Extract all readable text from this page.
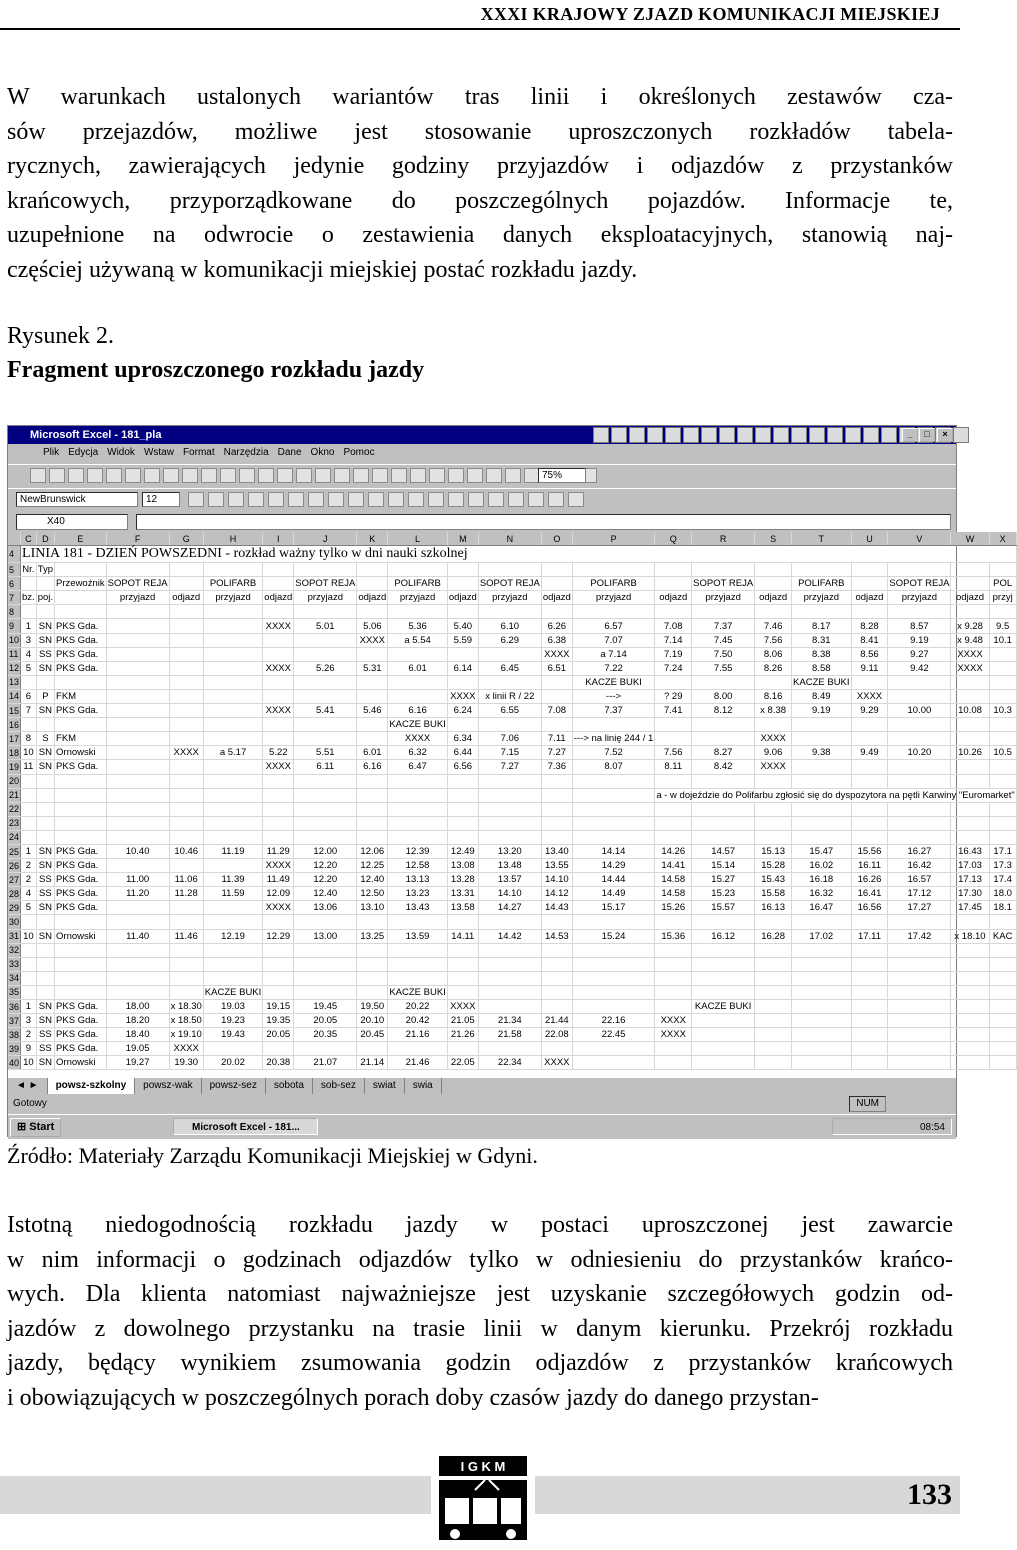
XXXI KRAJOWY ZJAZD KOMUNIKACJI MIEJSKIEJ
W warunkach ustalonych wariantów tras linii i określonych zestawów cza-
sów przejazdów, możliwe jest stosowanie uproszczonych rozkładów tabela-
rycznych, zawierających jedynie godziny przyjazdów i odjazdów z przystanków
krańcowych, przyporządkowane do poszczególnych pojazdów. Informacje te,
uzupełnione na odwrocie o zestawienia danych eksploatacyjnych, stanowią naj-
częściej używaną w komunikacji miejskiej postać rozkładu jazdy.
Rysunek 2.
Fragment uproszczonego rozkładu jazdy
Microsoft Excel - 181_pla	_	□	×
Plik Edycja Widok Wstaw Format Narzędzia Dane Okno Pomoc
75%
NewBrunswick	12
X40
	C	D	E	F	G	H	I	J	K	L	M	N	O	P	Q	R	S	T	U	V	W	X
4	LINIA 181 - DZIEŃ POWSZEDNI - rozkład ważny tylko w dni nauki szkolnej																					
5	Nr.	Typ																				
6			Przewoźnik	SOPOT REJA		POLIFARB		SOPOT REJA		POLIFARB		SOPOT REJA		POLIFARB		SOPOT REJA		POLIFARB		SOPOT REJA		POL
7	bz.	poj.		przyjazd	odjazd	przyjazd	odjazd	przyjazd	odjazd	przyjazd	odjazd	przyjazd	odjazd	przyjazd	odjazd	przyjazd	odjazd	przyjazd	odjazd	przyjazd	odjazd	przyj
8																						
9	1	SN	PKS Gda.				XXXX	5.01	5.06	5.36	5.40	6.10	6.26	6.57	7.08	7.37	7.46	8.17	8.28	8.57	x 9.28	9.5
10	3	SN	PKS Gda.						XXXX	a 5.54	5.59	6.29	6.38	7.07	7.14	7.45	7.56	8.31	8.41	9.19	x 9.48	10.1
11	4	SS	PKS Gda.										XXXX	a 7.14	7.19	7.50	8.06	8.38	8.56	9.27	XXXX	
12	5	SN	PKS Gda.				XXXX	5.26	5.31	6.01	6.14	6.45	6.51	7.22	7.24	7.55	8.26	8.58	9.11	9.42	XXXX	
13														KACZE BUKI				KACZE BUKI				
14	6	P	FKM								XXXX	x linii R / 22		--->	? 29	8.00	8.16	8.49	XXXX			
15	7	SN	PKS Gda.				XXXX	5.41	5.46	6.16	6.24	6.55	7.08	7.37	7.41	8.12	x 8.38	9.19	9.29	10.00	10.08	10.3
16										KACZE BUKI												
17	8	S	FKM							XXXX	6.34	7.06	7.11	---> na linię 244 / 1			XXXX					
18	10	SN	Ornowski		XXXX	a 5.17	5.22	5.51	6.01	6.32	6.44	7.15	7.27	7.52	7.56	8.27	9.06	9.38	9.49	10.20	10.26	10.5
19	11	SN	PKS Gda.				XXXX	6.11	6.16	6.47	6.56	7.27	7.36	8.07	8.11	8.42	XXXX					
20																						
21															a - w dojeździe do Polifarbu zgłosić się do dyspozytora na pętli Karwiny "Euromarket"							
22																						
23																						
24																						
25	1	SN	PKS Gda.	10.40	10.46	11.19	11.29	12.00	12.06	12.39	12.49	13.20	13.40	14.14	14.26	14.57	15.13	15.47	15.56	16.27	16.43	17.1
26	2	SN	PKS Gda.				XXXX	12.20	12.25	12.58	13.08	13.48	13.55	14.29	14.41	15.14	15.28	16.02	16.11	16.42	17.03	17.3
27	2	SS	PKS Gda.	11.00	11.06	11.39	11.49	12.20	12.40	13.13	13.28	13.57	14.10	14.44	14.58	15.27	15.43	16.18	16.26	16.57	17.13	17.4
28	4	SS	PKS Gda.	11.20	11.28	11.59	12.09	12.40	12.50	13.23	13.31	14.10	14.12	14.49	14.58	15.23	15.58	16.32	16.41	17.12	17.30	18.0
29	5	SN	PKS Gda.				XXXX	13.06	13.10	13.43	13.58	14.27	14.43	15.17	15.26	15.57	16.13	16.47	16.56	17.27	17.45	18.1
30																						
31	10	SN	Ornowski	11.40	11.46	12.19	12.29	13.00	13.25	13.59	14.11	14.42	14.53	15.24	15.36	16.12	16.28	17.02	17.11	17.42	x 18.10	KAC
32																						
33																						
34																						
35						KACZE BUKI				KACZE BUKI												
36	1	SN	PKS Gda.	18.00	x 18.30	19.03	19.15	19.45	19.50	20.22	XXXX					KACZE BUKI						
37	3	SN	PKS Gda.	18.20	x 18.50	19.23	19.35	20.05	20.10	20.42	21.05	21.34	21.44	22.16	XXXX							
38	2	SS	PKS Gda.	18.40	x 19.10	19.43	20.05	20.35	20.45	21.16	21.26	21.58	22.08	22.45	XXXX							
39	9	SS	PKS Gda.	19.05	XXXX																	
40	10	SN	Ornowski	19.27	19.30	20.02	20.38	21.07	21.14	21.46	22.05	22.34	XXXX									
◄ ►powsz-szkolny powsz-wak powsz-sez sobota sob-sez swiat swia
Gotowy	NUM
⊞ Start	Microsoft Excel - 181...	08:54
Źródło: Materiały Zarządu Komunikacji Miejskiej w Gdyni.
Istotną niedogodnością rozkładu jazdy w postaci uproszczonej jest zawarcie
w nim informacji o godzinach odjazdów tylko w odniesieniu do przystanków krańco-
wych. Dla klienta natomiast najważniejsze jest uzyskanie szczegółowych godzin od-
jazdów z dowolnego przystanku na trasie linii w danym kierunku. Przekrój rozkładu
jazdy, będący wynikiem zsumowania godzin odjazdów z przystanków krańcowych
i obowiązujących w poszczególnych porach doby czasów jazdy do danego przystan-
I G K M
133
